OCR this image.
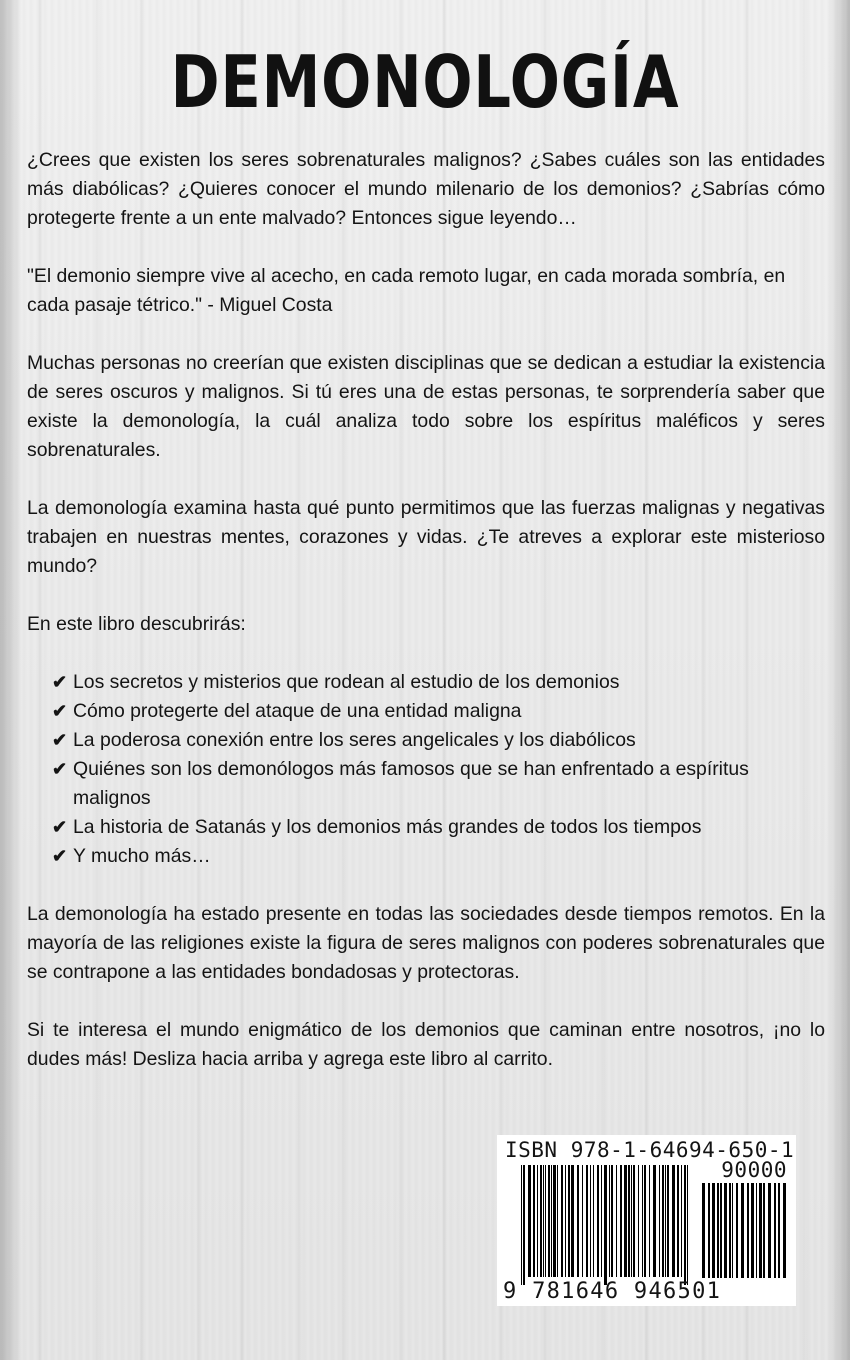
DEMONOLOGÍA

¿Crees que existen los seres sobrenaturales malignos? ¿Sabes cuáles son las entidades más diabólicas? ¿Quieres conocer el mundo milenario de los demonios? ¿Sabrías cómo protegerte frente a un ente malvado? Entonces sigue leyendo…

"El demonio siempre vive al acecho, en cada remoto lugar, en cada morada sombría, en cada pasaje tétrico." - Miguel Costa

Muchas personas no creerían que existen disciplinas que se dedican a estudiar la existencia de seres oscuros y malignos. Si tú eres una de estas personas, te sorprendería saber que existe la demonología, la cuál analiza todo sobre los espíritus maléficos y seres sobrenaturales.

La demonología examina hasta qué punto permitimos que las fuerzas malignas y negativas trabajen en nuestras mentes, corazones y vidas. ¿Te atreves a explorar este misterioso mundo?

En este libro descubrirás:

✔ Los secretos y misterios que rodean al estudio de los demonios
✔ Cómo protegerte del ataque de una entidad maligna
✔ La poderosa conexión entre los seres angelicales y los diabólicos
✔ Quiénes son los demonólogos más famosos que se han enfrentado a espíritus malignos
✔ La historia de Satanás y los demonios más grandes de todos los tiempos
✔ Y mucho más…

La demonología ha estado presente en todas las sociedades desde tiempos remotos. En la mayoría de las religiones existe la figura de seres malignos con poderes sobrenaturales que se contrapone a las entidades bondadosas y protectoras.

Si te interesa el mundo enigmático de los demonios que caminan entre nosotros, ¡no lo dudes más! Desliza hacia arriba y agrega este libro al carrito.

ISBN 978-1-64694-650-1
90000
9 781646 946501
